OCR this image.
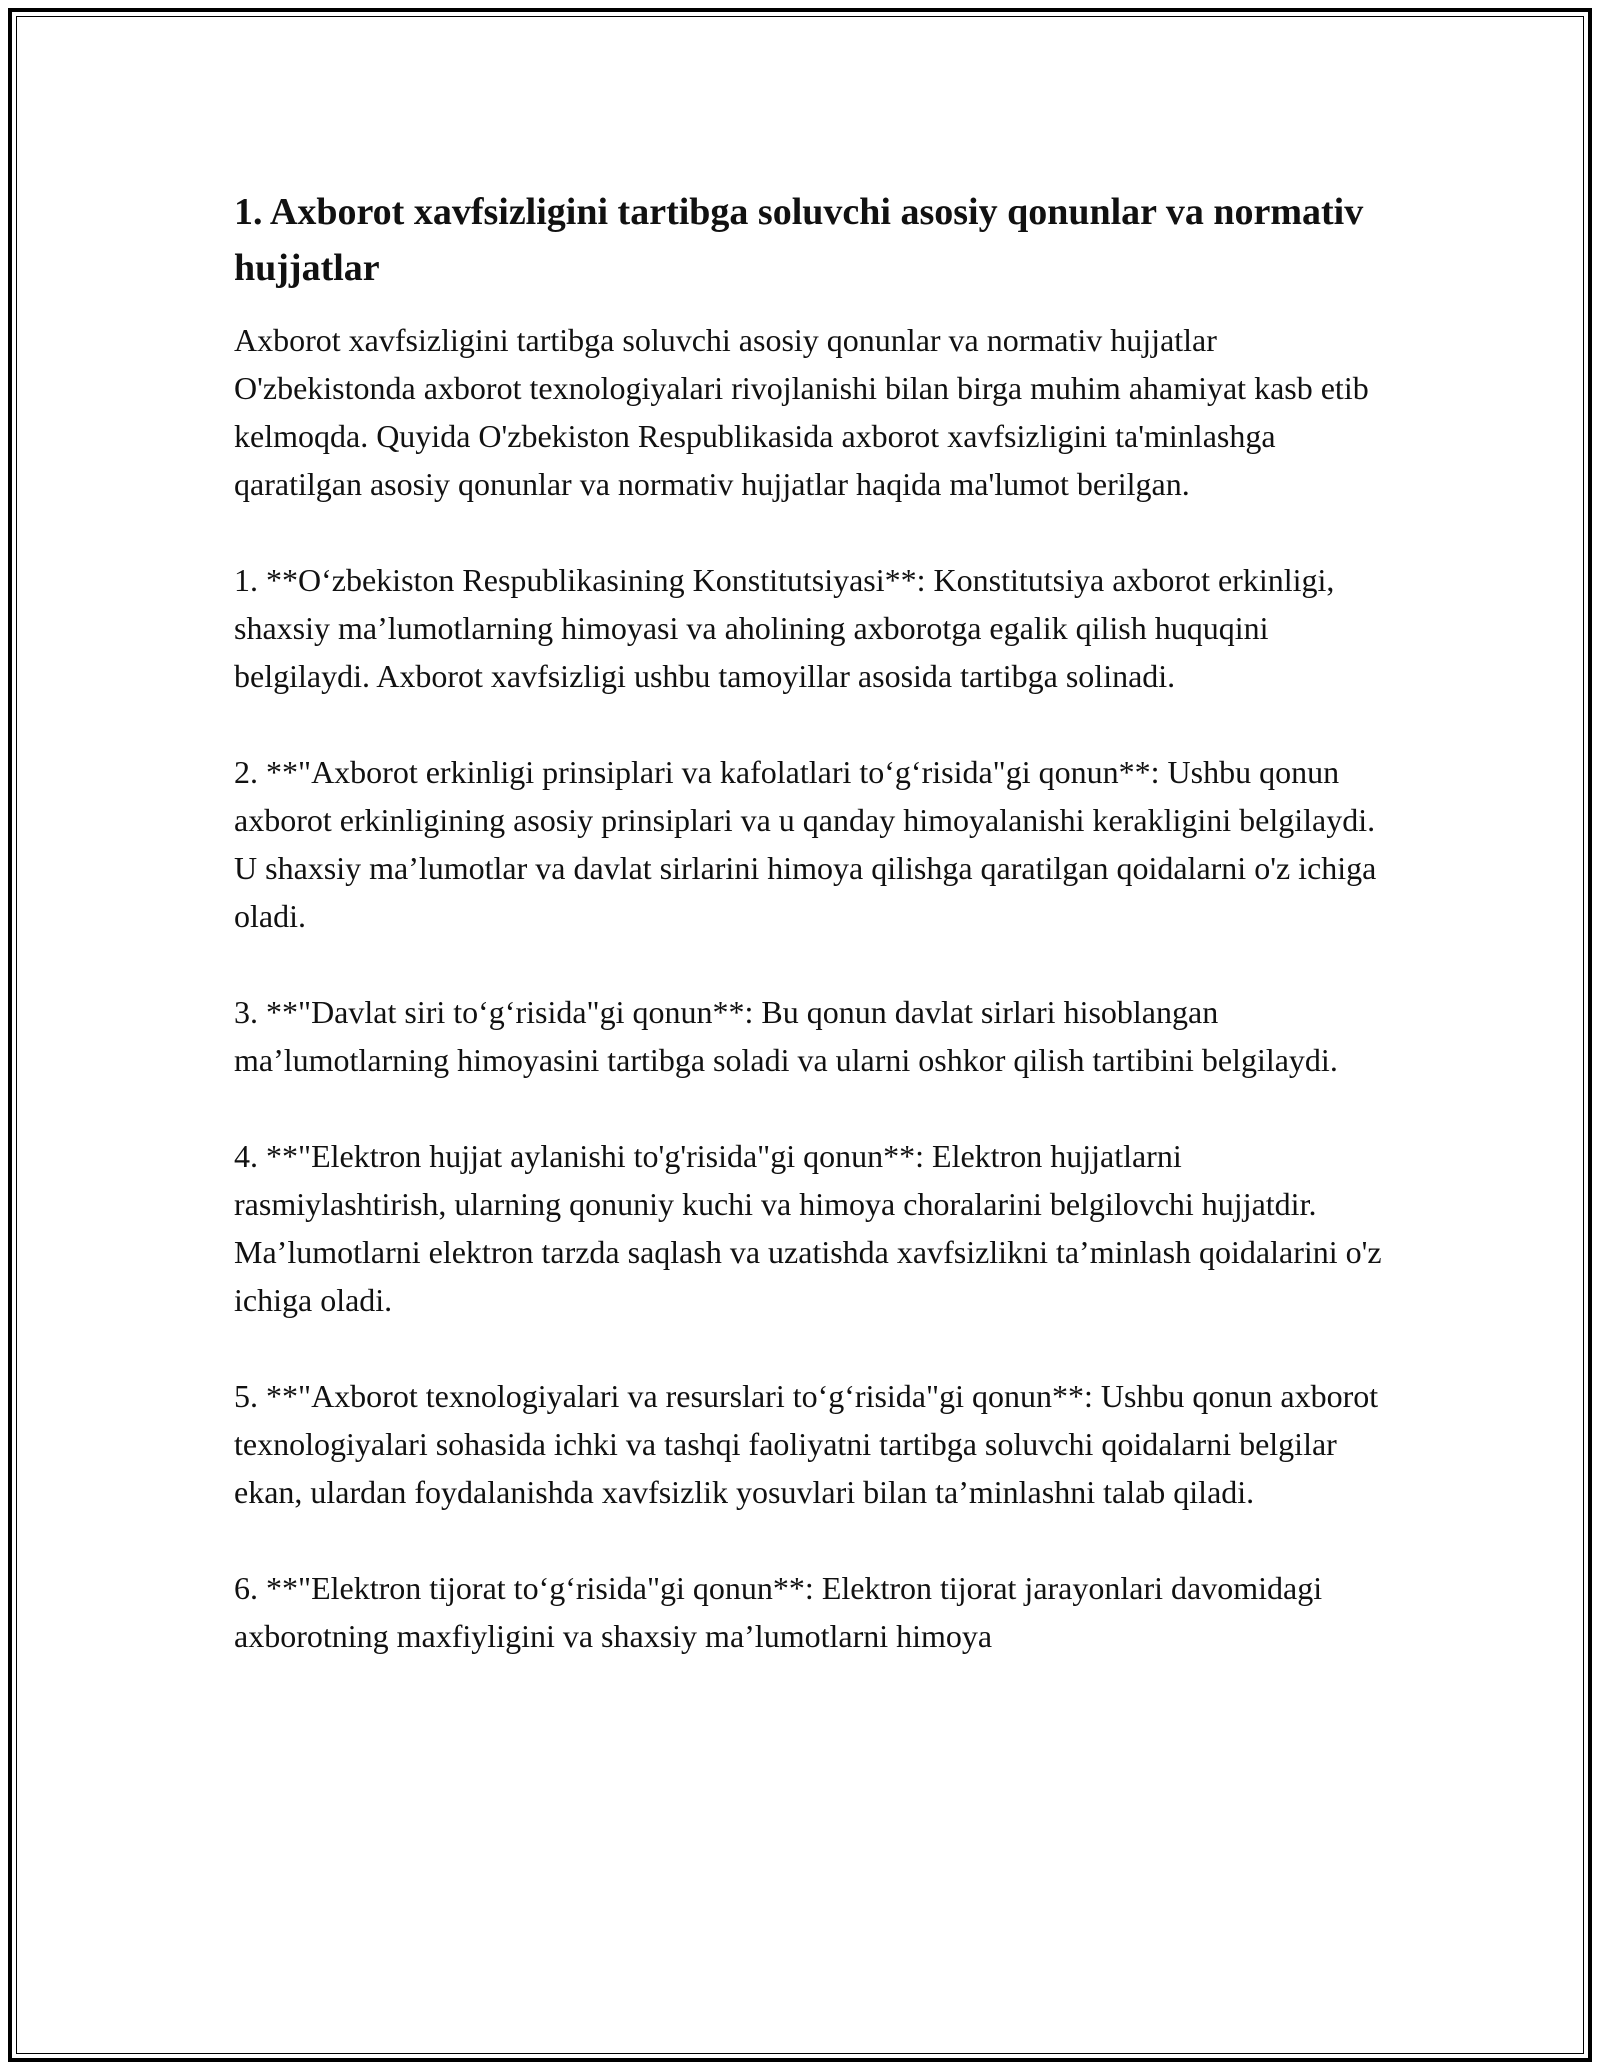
1. Axborot xavfsizligini tartibga soluvchi asosiy qonunlar va normativ hujjatlar

Axborot xavfsizligini tartibga soluvchi asosiy qonunlar va normativ hujjatlar O'zbekistonda axborot texnologiyalari rivojlanishi bilan birga muhim ahamiyat kasb etib kelmoqda. Quyida O'zbekiston Respublikasida axborot xavfsizligini ta'minlashga qaratilgan asosiy qonunlar va normativ hujjatlar haqida ma'lumot berilgan.

1. **O‘zbekiston Respublikasining Konstitutsiyasi**: Konstitutsiya axborot erkinligi, shaxsiy ma’lumotlarning himoyasi va aholining axborotga egalik qilish huquqini belgilaydi. Axborot xavfsizligi ushbu tamoyillar asosida tartibga solinadi.

2. **"Axborot erkinligi prinsiplari va kafolatlari to‘g‘risida"gi qonun**: Ushbu qonun axborot erkinligining asosiy prinsiplari va u qanday himoyalanishi kerakligini belgilaydi. U shaxsiy ma’lumotlar va davlat sirlarini himoya qilishga qaratilgan qoidalarni o'z ichiga oladi.

3. **"Davlat siri to‘g‘risida"gi qonun**: Bu qonun davlat sirlari hisoblangan ma’lumotlarning himoyasini tartibga soladi va ularni oshkor qilish tartibini belgilaydi.

4. **"Elektron hujjat aylanishi to'g'risida"gi qonun**: Elektron hujjatlarni rasmiylashtirish, ularning qonuniy kuchi va himoya choralarini belgilovchi hujjatdir. Ma’lumotlarni elektron tarzda saqlash va uzatishda xavfsizlikni ta’minlash qoidalarini o'z ichiga oladi.

5. **"Axborot texnologiyalari va resurslari to‘g‘risida"gi qonun**: Ushbu qonun axborot texnologiyalari sohasida ichki va tashqi faoliyatni tartibga soluvchi qoidalarni belgilar ekan, ulardan foydalanishda xavfsizlik yosuvlari bilan ta’minlashni talab qiladi.

6. **"Elektron tijorat to‘g‘risida"gi qonun**: Elektron tijorat jarayonlari davomidagi axborotning maxfiyligini va shaxsiy ma’lumotlarni himoya
